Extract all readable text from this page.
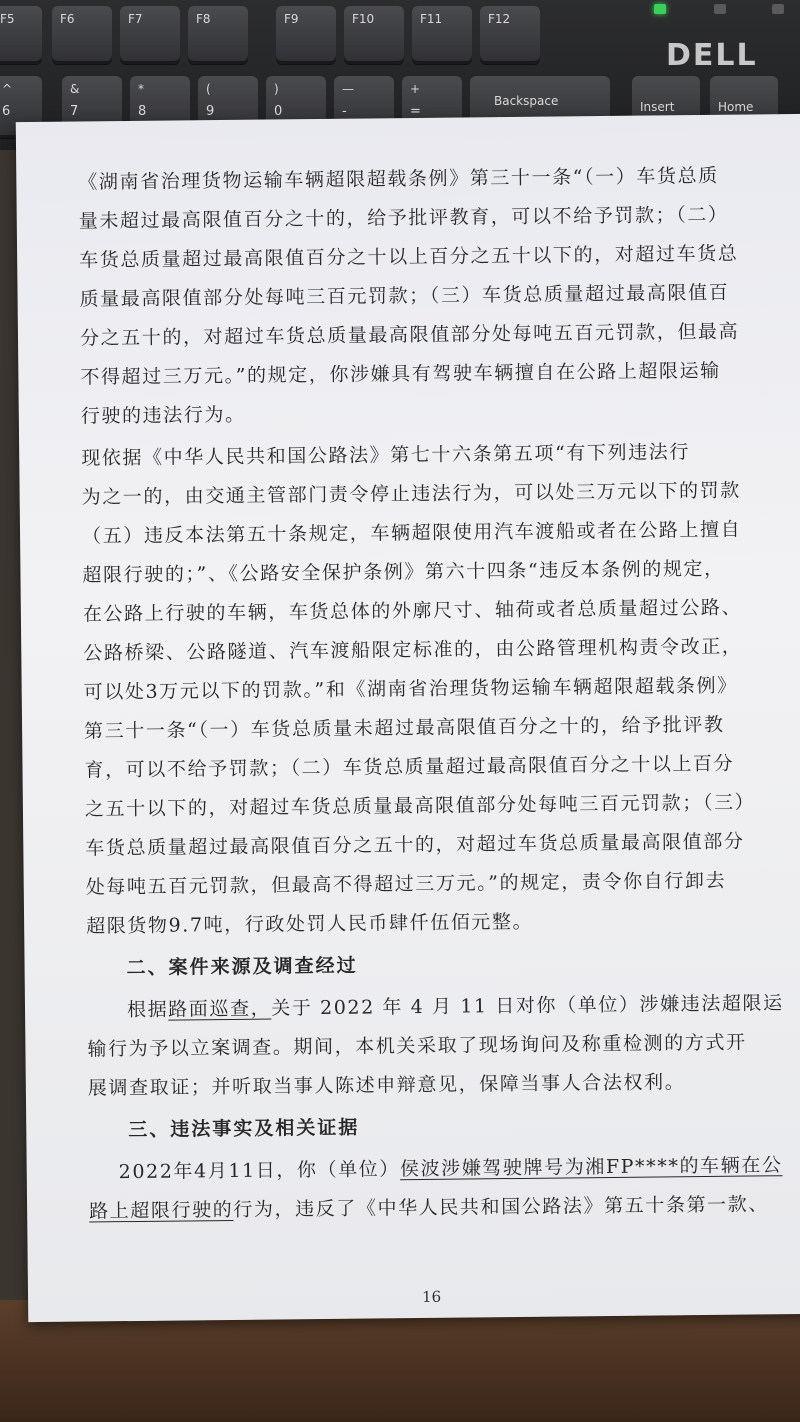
F5	F6	F7	F8	F9	F10	F11	F12
^
6
&
7
*
8
(
9
)
0
—
-
+
=
Backspace	Insert	Home
DELL
《湖南省治理货物运输车辆超限超载条例》第三十一条“（一）车货总质
量未超过最高限值百分之十的，给予批评教育，可以不给予罚款；（二）
车货总质量超过最高限值百分之十以上百分之五十以下的，对超过车货总
质量最高限值部分处每吨三百元罚款；（三）车货总质量超过最高限值百
分之五十的，对超过车货总质量最高限值部分处每吨五百元罚款，但最高
不得超过三万元。”的规定，你涉嫌具有驾驶车辆擅自在公路上超限运输
行驶的违法行为。
现依据《中华人民共和国公路法》第七十六条第五项“有下列违法行
为之一的，由交通主管部门责令停止违法行为，可以处三万元以下的罚款
（五）违反本法第五十条规定，车辆超限使用汽车渡船或者在公路上擅自
超限行驶的；”、《公路安全保护条例》第六十四条“违反本条例的规定，
在公路上行驶的车辆，车货总体的外廓尺寸、轴荷或者总质量超过公路、
公路桥梁、公路隧道、汽车渡船限定标准的，由公路管理机构责令改正，
可以处3万元以下的罚款。”和《湖南省治理货物运输车辆超限超载条例》
第三十一条“（一）车货总质量未超过最高限值百分之十的，给予批评教
育，可以不给予罚款；（二）车货总质量超过最高限值百分之十以上百分
之五十以下的，对超过车货总质量最高限值部分处每吨三百元罚款；（三）
车货总质量超过最高限值百分之五十的，对超过车货总质量最高限值部分
处每吨五百元罚款，但最高不得超过三万元。”的规定，责令你自行卸去
超限货物9.7吨，行政处罚人民币肆仟伍佰元整。
二、案件来源及调查经过
根据路面巡查，关于 2022 年 4 月 11 日对你（单位）涉嫌违法超限运
输行为予以立案调查。期间，本机关采取了现场询问及称重检测的方式开
展调查取证；并听取当事人陈述申辩意见，保障当事人合法权利。
三、违法事实及相关证据
2022年4月11日，你（单位）侯波涉嫌驾驶牌号为湘FP****的车辆在公
路上超限行驶的行为，违反了《中华人民共和国公路法》第五十条第一款、
16
